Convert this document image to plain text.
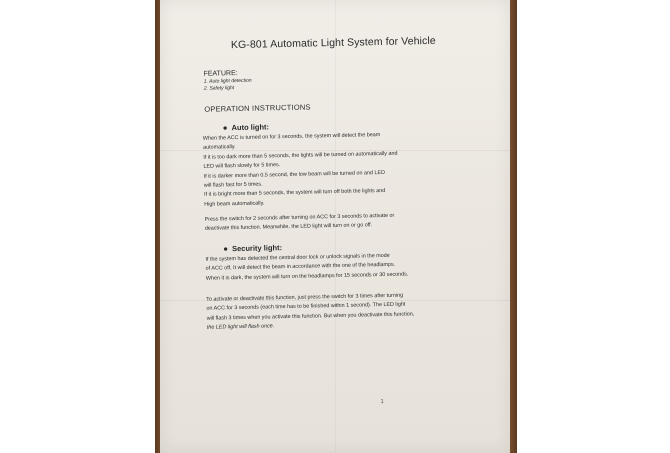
KG-801 Automatic Light System for Vehicle
FEATURE:
1. Auto light detection
2. Safety light
OPERATION INSTRUCTIONS
● Auto light:

When the ACC is turned on for 3 seconds, the system will detect the beam

automatically.

If it is too dark more than 5 seconds, the lights will be turned on automatically and

LED will flash slowly for 5 times.

If it is darker more than 0.5 second, the low beam will be turned on and LED

will flash fast for 5 times.

If it is bright more than 5 seconds, the system will turn off both the lights and

High beam automatically.

Press the switch for 2 seconds after turning on ACC for 3 seconds to activate or

deactivate this function. Meanwhile, the LED light will turn on or go off.

● Security light:

If the system has detected the central door lock or unlock signals in the mode

of ACC off, It will detect the beam in accordance with the one of the headlamps.

When it is dark, the system will turn on the headlamps for 15 seconds or 30 seconds.

To activate or deactivate this function, just press the switch for 3 times after turning

on ACC for 3 seconds (each time has to be finished within 1 second). The LED light

will flash 3 times when you activate this function. But when you deactivate this function,

the LED light will flash once.

1
